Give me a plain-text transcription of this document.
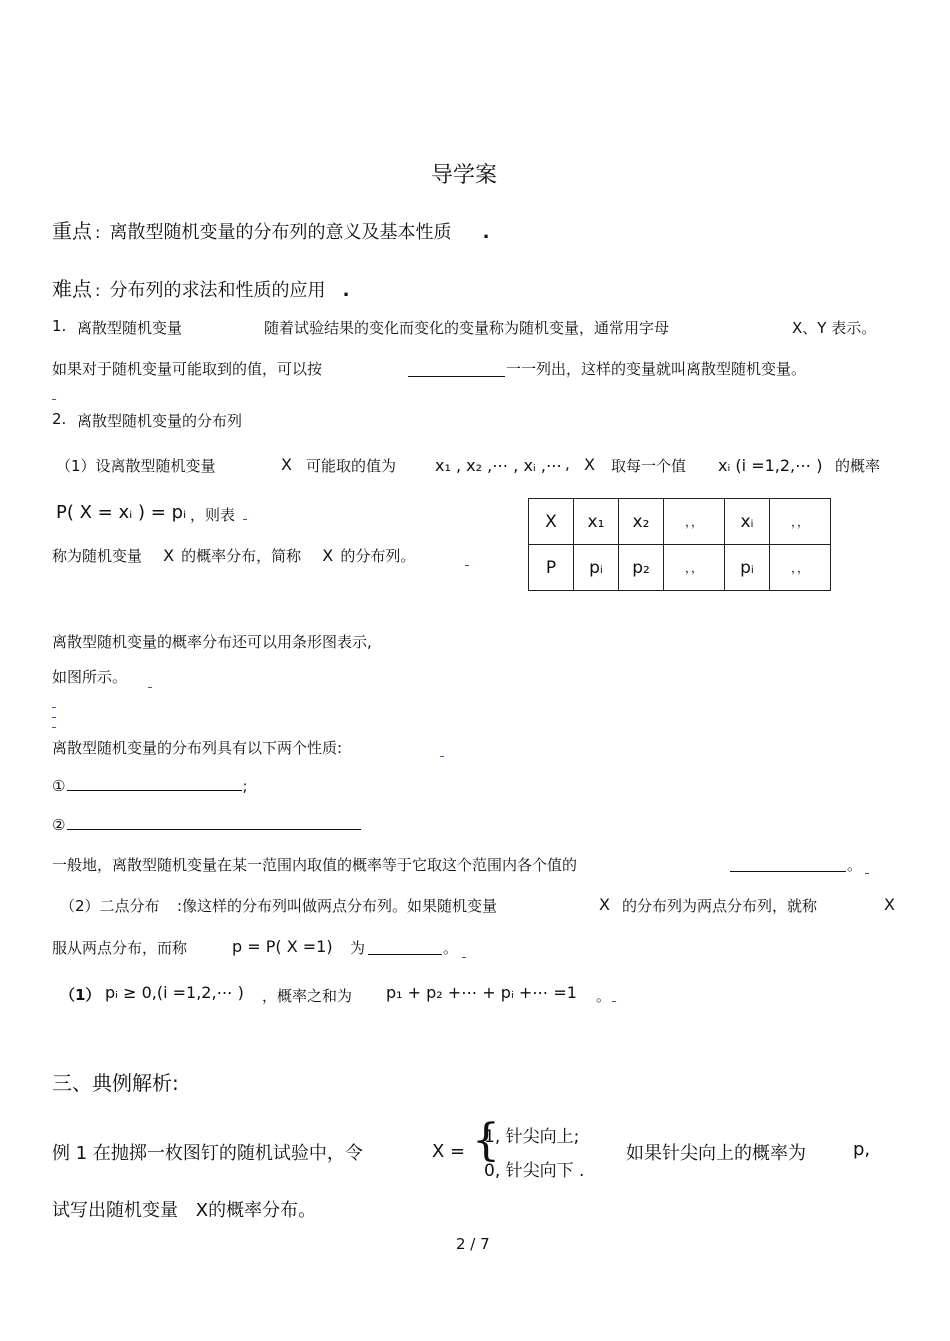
导学案
重点 : 离散型随机变量的分布列的意义及基本性质 .
难点 : 分布列的求法和性质的应用 .
1. 离散型随机变量	随着试验结果的变化而变化的变量称为随机变量，通常用字母	X、Y 表示。
如果对于随机变量可能取到的值，可以按	一一列出，这样的变量就叫离散型随机变量。
2. 离散型随机变量的分布列
（1）设离散型随机变量	X 可能取的值为 x₁ , x₂ ,⋯ , xᵢ ,⋯ , X 取每一个值 xᵢ (i =1,2,⋯ ) 的概率
P( X = xᵢ ) = pᵢ ，则表
称为随机变量 X 的概率分布，简称 X 的分布列。
X	x₁	x₂	，，	xᵢ	，，
P	pᵢ	p₂	，，	pᵢ	，，
离散型随机变量的概率分布还可以用条形图表示,
如图所示。
离散型随机变量的分布列具有以下两个性质:
①	;
②
一般地，离散型随机变量在某一范围内取值的概率等于它取这个范围内各个值的	。
（2）二点分布 :像这样的分布列叫做两点分布列。如果随机变量	X 的分布列为两点分布列，就称	X
服从两点分布，而称	p = P( X =1) 为	。
（1） pᵢ ≥ 0,(i =1,2,⋯ ) ，概率之和为 p₁ + p₂ +⋯ + pᵢ +⋯ =1 。
三、典例解析:
例 1 在抛掷一枚图钉的随机试验中，令	X = {
1, 针尖向上;
0, 针尖向下 .
如果针尖向上的概率为	p,
试写出随机变量 X的概率分布。
2 / 7
